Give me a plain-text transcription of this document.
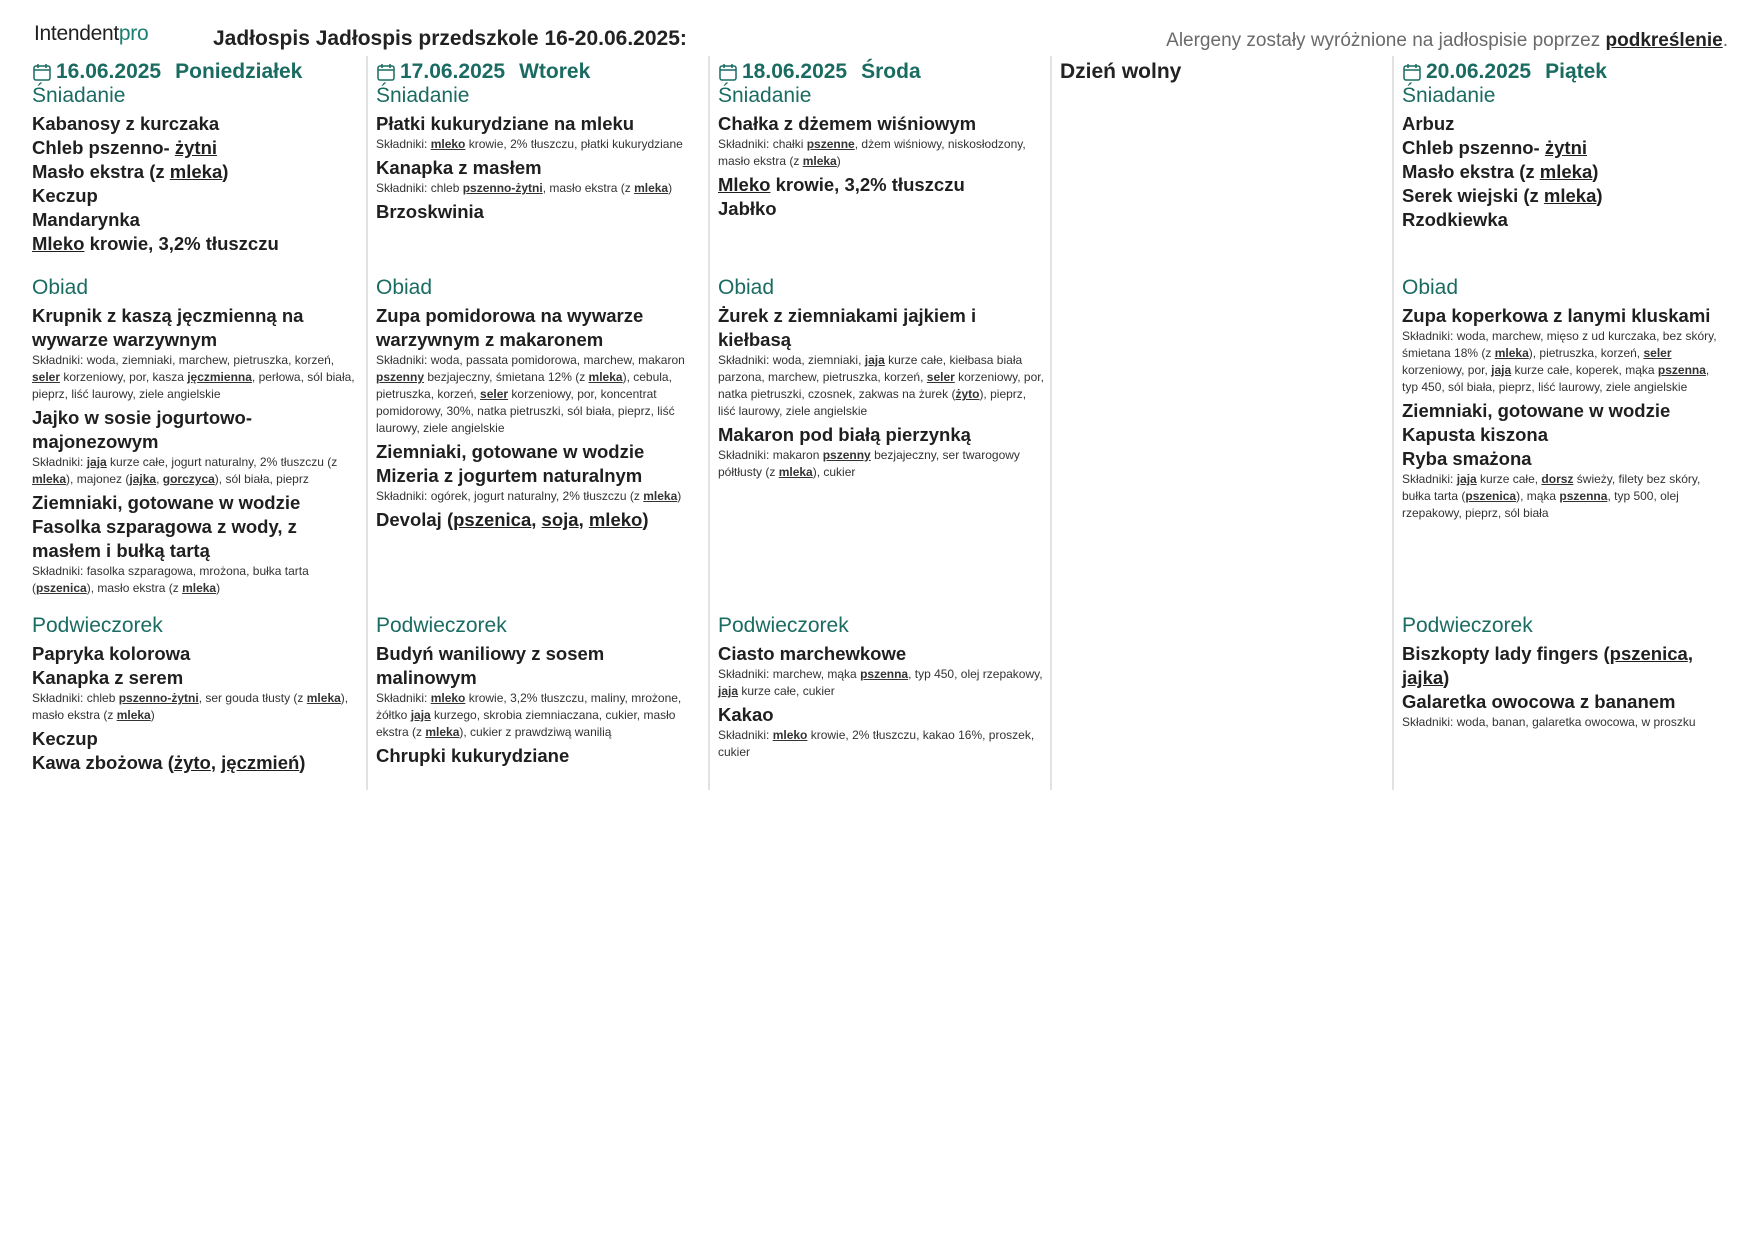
Intendentpro	Jadłospis Jadłospis przedszkole 16-20.06.2025:	Alergeny zostały wyróżnione na jadłospisie poprzez podkreślenie.
16.06.2025 Poniedziałek
Śniadanie
Kabanosy z kurczaka
Chleb pszenno- żytni
Masło ekstra (z mleka)
Keczup
Mandarynka
Mleko krowie, 3,2% tłuszczu
Obiad
Krupnik z kaszą jęczmienną na wywarze warzywnym
Składniki: woda, ziemniaki, marchew, pietruszka, korzeń, seler korzeniowy, por, kasza jęczmienna, perłowa, sól biała, pieprz, liść laurowy, ziele angielskie
Jajko w sosie jogurtowo-majonezowym
Składniki: jaja kurze całe, jogurt naturalny, 2% tłuszczu (z mleka), majonez (jajka, gorczyca), sól biała, pieprz
Ziemniaki, gotowane w wodzie
Fasolka szparagowa z wody, z masłem i bułką tartą
Składniki: fasolka szparagowa, mrożona, bułka tarta (pszenica), masło ekstra (z mleka)
Podwieczorek
Papryka kolorowa
Kanapka z serem
Składniki: chleb pszenno-żytni, ser gouda tłusty (z mleka), masło ekstra (z mleka)
Keczup
Kawa zbożowa (żyto, jęczmień)
17.06.2025 Wtorek
Śniadanie
Płatki kukurydziane na mleku
Składniki: mleko krowie, 2% tłuszczu, płatki kukurydziane
Kanapka z masłem
Składniki: chleb pszenno-żytni, masło ekstra (z mleka)
Brzoskwinia
Obiad
Zupa pomidorowa na wywarze warzywnym z makaronem
Składniki: woda, passata pomidorowa, marchew, makaron pszenny bezjajeczny, śmietana 12% (z mleka), cebula, pietruszka, korzeń, seler korzeniowy, por, koncentrat pomidorowy, 30%, natka pietruszki, sól biała, pieprz, liść laurowy, ziele angielskie
Ziemniaki, gotowane w wodzie
Mizeria z jogurtem naturalnym
Składniki: ogórek, jogurt naturalny, 2% tłuszczu (z mleka)
Devolaj (pszenica, soja, mleko)
Podwieczorek
Budyń waniliowy z sosem malinowym
Składniki: mleko krowie, 3,2% tłuszczu, maliny, mrożone, żółtko jaja kurzego, skrobia ziemniaczana, cukier, masło ekstra (z mleka), cukier z prawdziwą wanilią
Chrupki kukurydziane
18.06.2025 Środa
Śniadanie
Chałka z dżemem wiśniowym
Składniki: chałki pszenne, dżem wiśniowy, niskosłodzony, masło ekstra (z mleka)
Mleko krowie, 3,2% tłuszczu
Jabłko
Obiad
Żurek z ziemniakami jajkiem i kiełbasą
Składniki: woda, ziemniaki, jaja kurze całe, kiełbasa biała parzona, marchew, pietruszka, korzeń, seler korzeniowy, por, natka pietruszki, czosnek, zakwas na żurek (żyto), pieprz, liść laurowy, ziele angielskie
Makaron pod białą pierzynką
Składniki: makaron pszenny bezjajeczny, ser twarogowy półtłusty (z mleka), cukier
Podwieczorek
Ciasto marchewkowe
Składniki: marchew, mąka pszenna, typ 450, olej rzepakowy, jaja kurze całe, cukier
Kakao
Składniki: mleko krowie, 2% tłuszczu, kakao 16%, proszek, cukier
Dzień wolny	20.06.2025 Piątek
Śniadanie
Arbuz
Chleb pszenno- żytni
Masło ekstra (z mleka)
Serek wiejski (z mleka)
Rzodkiewka
Obiad
Zupa koperkowa z lanymi kluskami
Składniki: woda, marchew, mięso z ud kurczaka, bez skóry, śmietana 18% (z mleka), pietruszka, korzeń, seler korzeniowy, por, jaja kurze całe, koperek, mąka pszenna, typ 450, sól biała, pieprz, liść laurowy, ziele angielskie
Ziemniaki, gotowane w wodzie
Kapusta kiszona
Ryba smażona
Składniki: jaja kurze całe, dorsz świeży, filety bez skóry, bułka tarta (pszenica), mąka pszenna, typ 500, olej rzepakowy, pieprz, sól biała
Podwieczorek
Biszkopty lady fingers (pszenica, jajka)
Galaretka owocowa z bananem
Składniki: woda, banan, galaretka owocowa, w proszku
